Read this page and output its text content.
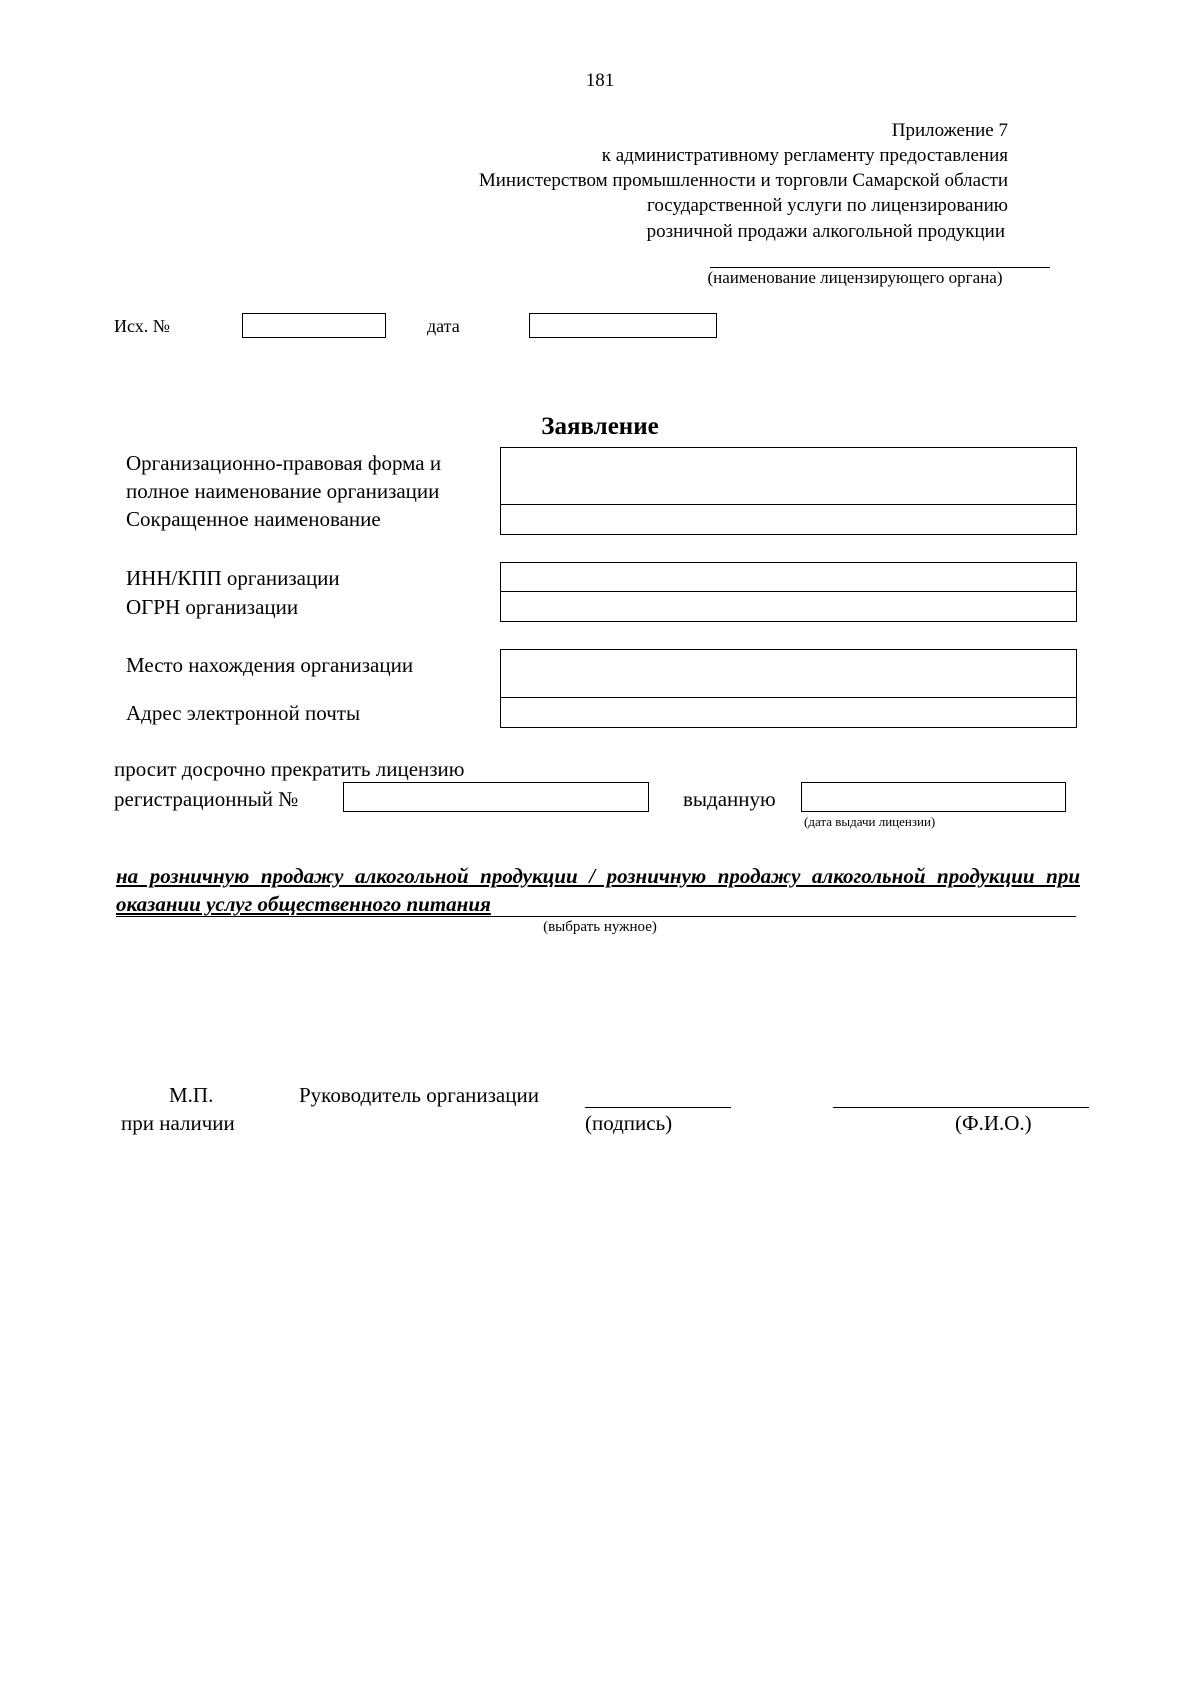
181
Приложение 7
к административному регламенту предоставления
Министерством промышленности и торговли Самарской области
государственной услуги по лицензированию
розничной продажи алкогольной продукции
(наименование лицензирующего органа)
Исх. №	дата
Заявление
Организационно-правовая форма и
полное наименование организации
Сокращенное наименование
ИНН/КПП организации
ОГРН организации
Место нахождения организации
Адрес электронной почты
просит досрочно прекратить лицензию
регистрационный №	выданную
(дата выдачи лицензии)
на розничную продажу алкогольной продукции / розничную продажу алкогольной продукции при оказании услуг общественного питания
(выбрать нужное)
М.П.
при наличии
Руководитель организации
(подпись)	(Ф.И.О.)
